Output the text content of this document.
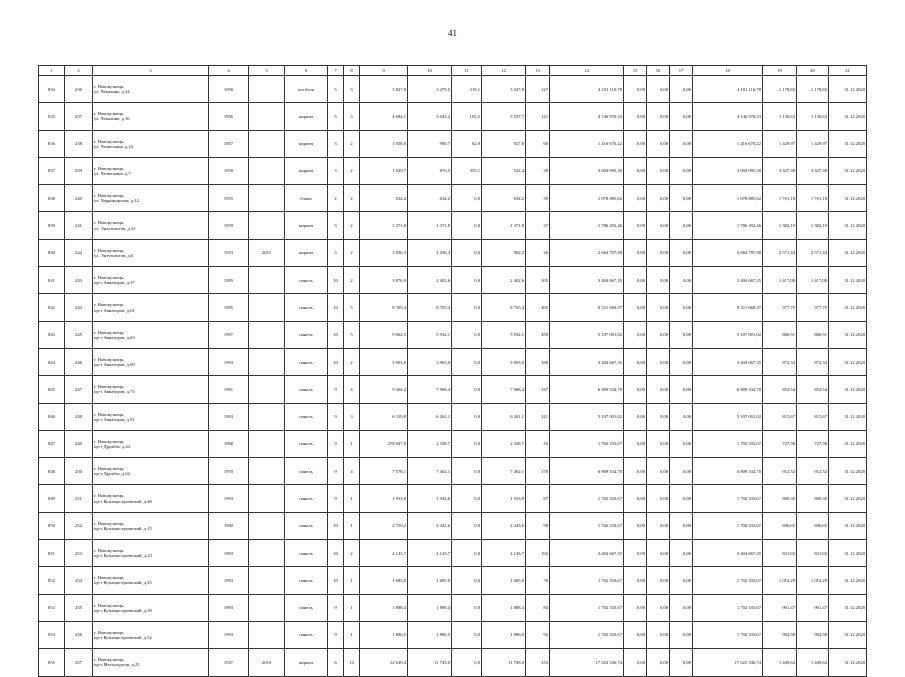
41
1	2	3	4	5	6	7	8	9	10	11	12	13	14	15	16	17	18	19	20	21
834	236	г. Новокузнецк,
ул. Чекалина, д.14	1956		шл.блок	5	3	3 827,8	3 479,5	119,1	3 347,8	127	4 101 116,78	0,00	0,00	0,00	4 101 116,78	1 178,65	1 178,65	31.12.2020
835	237	г. Новокузнецк,
ул. Чекалина, д.16	1956		кирпич	5	3	4 684,1	3 643,2	105,5	3 537,7	121	4 146 976,33	0,00	0,00	0,00	4 146 976,33	1 136,63	1 136,63	31.12.2020
836	238	г. Новокузнецк,
ул. Челюскина, д.23	1957		кирпич	3	2	1 058,0	990,7	62,9	927,8	60	1 416 670,22	0,00	0,00	0,00	1 416 670,22	1 429,97	1 429,97	31.12.2020
837	239	г. Новокузнецк,
ул. Челюскина, д.7	1958		кирпич	3	2	1 029,7	876,5	355,1	521,4	39	3 004 095,30	0,00	0,00	0,00	3 004 095,30	3 427,38	3 427,38	31.12.2020
838	240	г. Новокузнецк,
ул. Черноморская, д.12	1955		блоки	2	2	634,2	634,2	0,0	634,2	39	1 078 885,62	0,00	0,00	0,00	1 078 885,62	1 701,18	1 701,18	31.12.2020
839	241	г. Новокузнецк,
ул. Энтузиастов, д.32	1959		кирпич	3	2	1 371,8	1 371,8	0,0	1 371,8	37	1 786 292,46	0,00	0,00	0,00	1 786 292,46	1 302,19	1 302,19	31.12.2020
840	242	г. Новокузнецк,
ул. Энтузиастов, д.6	1933	2015	кирпич	3	2	1 036,3	1 036,3	0,0	902,2	26	2 664 787,88	0,00	0,00	0,00	2 664 787,88	2 571,44	2 571,44	31.12.2020
841	243	г. Новокузнецк,
пр-т Авиаторов, д.37	1995		панель	10	2	3 876,9	2 402,6	0,0	2 402,6	105	3 404 667,35	0,00	0,00	0,00	3 404 667,35	1 417,08	1 417,08	31.12.2020
842	244	г. Новокузнецк,
пр-т Авиаторов, д.61	1995		панель	10	5	8 705,4	8 705,4	0,0	8 705,4	405	8 511 668,37	0,00	0,00	0,00	8 511 668,37	977,75	977,75	31.12.2020
843	245	г. Новокузнецк,
пр-т Авиаторов, д.63	1997		панель	10	5	9 662,5	5 932,1	0,0	5 932,1	459	5 107 001,02	0,00	0,00	0,00	5 107 001,02	860,91	860,91	31.12.2020
844	246	г. Новокузнецк,
пр-т Авиаторов, д.69	1993		панель	10	2	3 903,0	3 903,0	0,0	3 903,0	180	3 404 667,35	0,00	0,00	0,00	3 404 667,35	872,32	872,32	31.12.2020
845	247	г. Новокузнецк,
пр-т Авиаторов, д.73	1991		панель	9	4	9 304,2	7 968,4	0,0	7 968,4	337	6 809 334,70	0,00	0,00	0,00	6 809 334,70	854,54	854,54	31.12.2020
846	248	г. Новокузнецк,
пр-т Авиаторов, д.91	1993		панель	9	3	6 319,8	6 261,1	0,0	6 261,1	321	5 107 001,02	0,00	0,00	0,00	5 107 001,02	815,67	815,67	31.12.2020
847	249	г. Новокузнецк,
пр-т Дружбы, д.44	1968		панель	9	1	278 637,0	2 338,7	0,0	2 338,7	45	1 702 333,67	0,00	0,00	0,00	1 702 333,67	727,90	727,90	31.12.2020
848	250	г. Новокузнецк,
пр-т Дружбы, д.62	1970		панель	9	4	7 578,1	7 462,1	0,0	7 462,1	378	6 809 334,70	0,00	0,00	0,00	6 809 334,70	912,52	912,52	31.12.2020
849	251	г. Новокузнецк,
пр-т Кузнецкстроевский, д.48	1993		панель	9	1	1 933,8	1 933,6	0,0	1 933,8	87	1 702 333,67	0,00	0,00	0,00	1 702 333,67	880,30	880,30	31.12.2020
850	252	г. Новокузнецк,
пр-т Кузнецкстроевский, д.15	1992		панель	10	1	2 759,2	2 443,6	0,0	2 443,6	98	1 702 333,67	0,00	0,00	0,00	1 702 333,67	696,65	696,65	31.12.2020
851	253	г. Новокузнецк,
пр-т Кузнецкстроевский, д.23	1993		панель	10	2	4 143,7	4 143,7	0,0	4 143,7	192	3 404 667,35	0,00	0,00	0,00	3 404 667,35	821,65	821,65	31.12.2020
852	254	г. Новокузнецк,
пр-т Кузнецкстроевский, д.25	1993		панель	10	1	1 685,0	1 685,0	0,0	1 685,0	76	1 702 333,67	0,00	0,00	0,00	1 702 333,67	1 010,29	1 010,29	31.12.2020
853	255	г. Новокузнецк,
пр-т Кузнецкстроевский, д.50	1993		панель	9	1	1 888,4	1 888,4	0,0	1 888,4	84	1 702 333,67	0,00	0,00	0,00	1 702 333,67	901,47	901,47	31.12.2020
854	256	г. Новокузнецк,
пр-т Кузнецкстроевский, д.52	1993		панель	9	1	1 886,5	1 886,5	0,0	1 886,5	92	1 702 333,67	0,00	0,00	0,00	1 702 333,67	902,38	902,38	31.12.2020
855	257	г. Новокузнецк,
пр-т Металлургов, д.25	1947	2010	кирпич	6	13	12 639,4	11 743,0	0,0	11 743,0	333	17 023 336,74	0,00	0,00	0,00	17 023 336,74	1 449,64	1 449,64	31.12.2020
